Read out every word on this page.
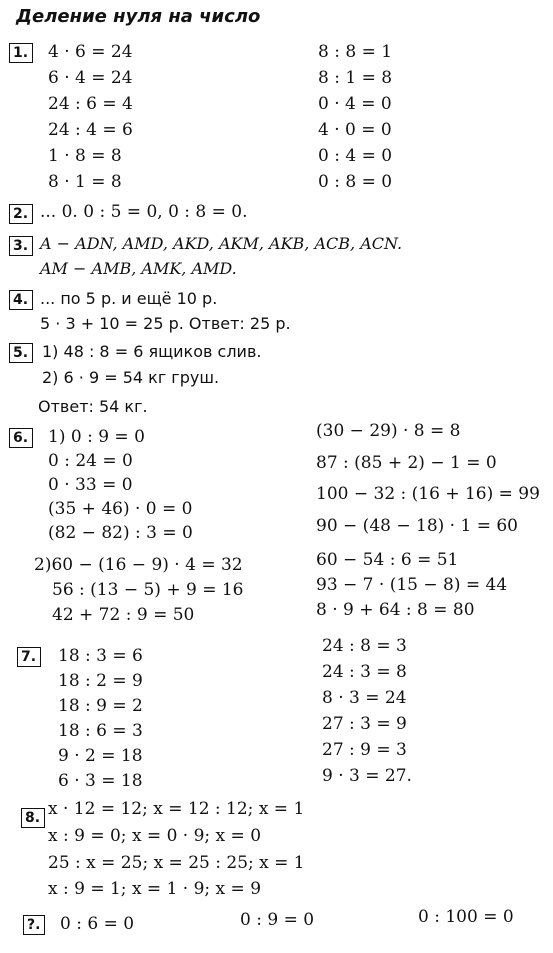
Деление нуля на число
1. 4 · 6 = 24
6 · 4 = 24
24 : 6 = 4
24 : 4 = 6
1 · 8 = 8
8 · 1 = 8
8 : 8 = 1
8 : 1 = 8
0 · 4 = 0
4 · 0 = 0
0 : 4 = 0
0 : 8 = 0
2. ... 0. 0 : 5 = 0, 0 : 8 = 0.
3. A − ADN, AMD, AKD, AKM, AKB, ACB, ACN.
AM − AMB, AMK, AMD.
4. ... по 5 р. и ещё 10 р.
5 · 3 + 10 = 25 р. Ответ: 25 р.
5. 1) 48 : 8 = 6 ящиков слив.
2) 6 · 9 = 54 кг груш.
Ответ: 54 кг.
6. 1) 0 : 9 = 0
0 : 24 = 0
0 · 33 = 0
(35 + 46) · 0 = 0
(82 − 82) : 3 = 0
2)60 − (16 − 9) · 4 = 32
56 : (13 − 5) + 9 = 16
42 + 72 : 9 = 50
(30 − 29) · 8 = 8
87 : (85 + 2) − 1 = 0
100 − 32 : (16 + 16) = 99
90 − (48 − 18) · 1 = 60
60 − 54 : 6 = 51
93 − 7 · (15 − 8) = 44
8 · 9 + 64 : 8 = 80
7. 18 : 3 = 6
18 : 2 = 9
18 : 9 = 2
18 : 6 = 3
9 · 2 = 18
6 · 3 = 18
24 : 8 = 3
24 : 3 = 8
8 · 3 = 24
27 : 3 = 9
27 : 9 = 3
9 · 3 = 27.
8. x · 12 = 12; x = 12 : 12; x = 1
x : 9 = 0; x = 0 · 9; x = 0
25 : x = 25; x = 25 : 25; x = 1
x : 9 = 1; x = 1 · 9; x = 9
?. 0 : 6 = 0	0 : 9 = 0	0 : 100 = 0
